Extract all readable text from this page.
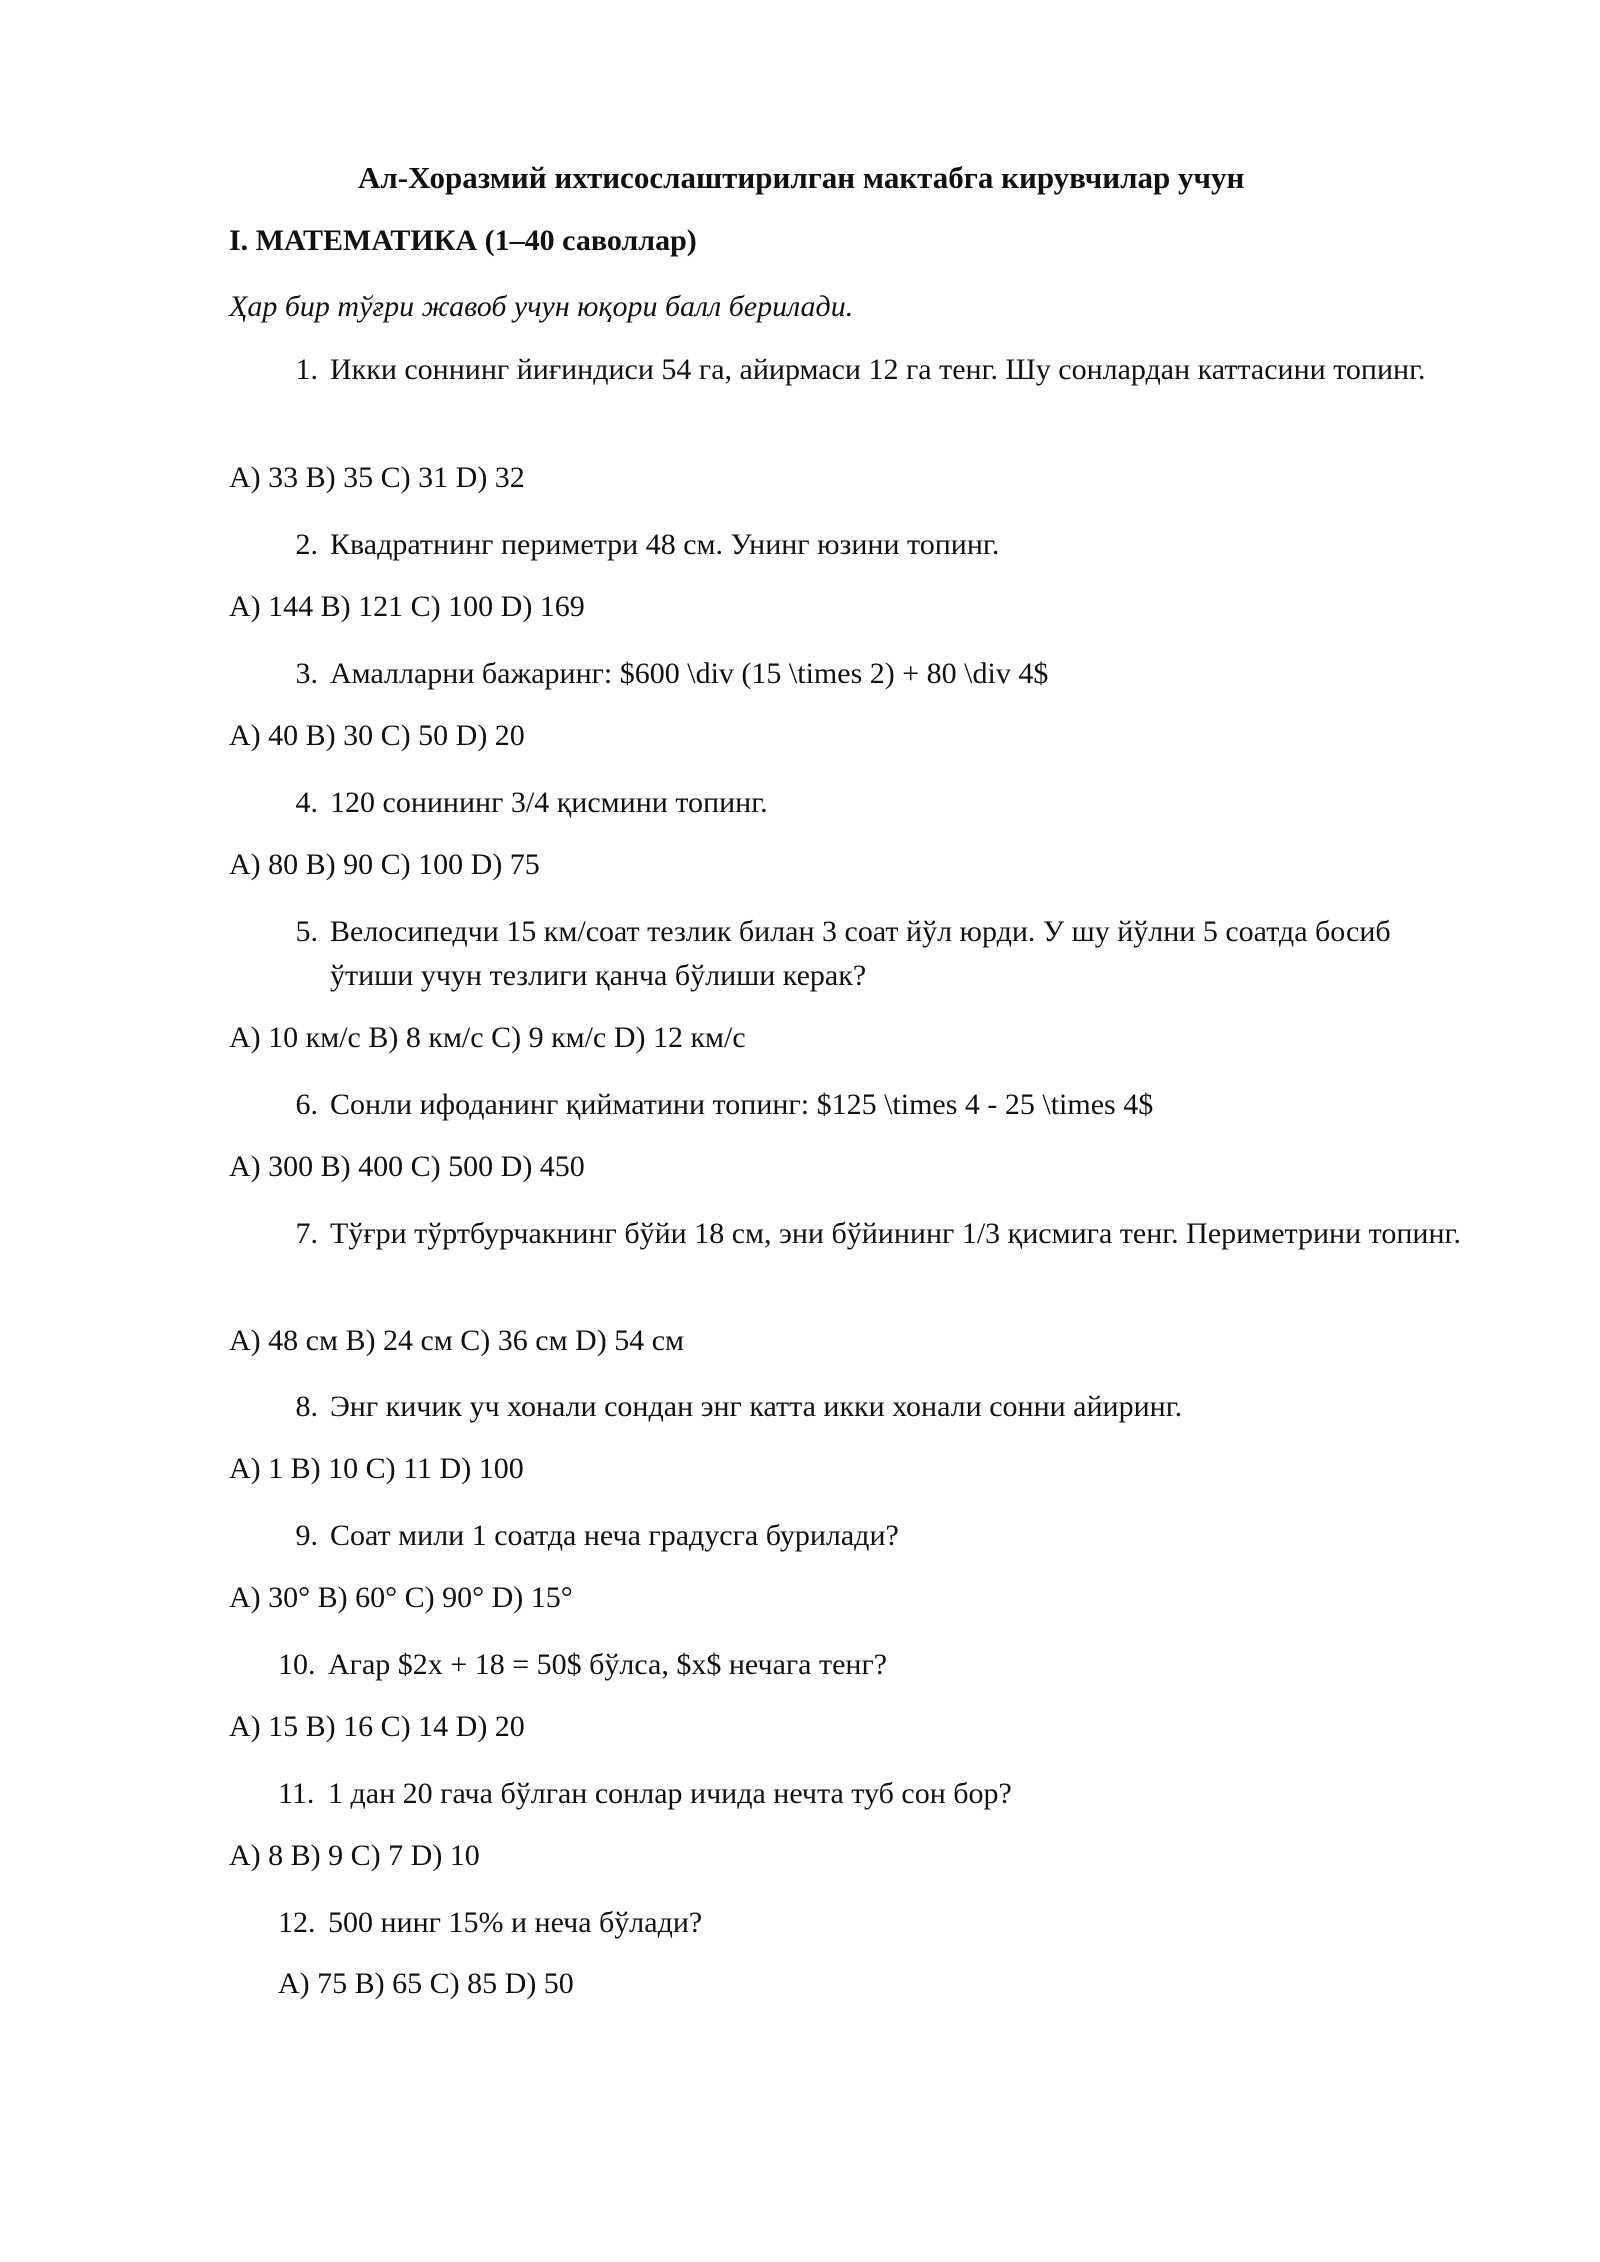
Ал-Хоразмий ихтисослаштирилган мактабга кирувчилар учун
I. МАТЕМАТИКА (1–40 саволлар)
Ҳар бир тўғри жавоб учун юқори балл берилади.
1. Икки соннинг йиғиндиси 54 га, айирмаси 12 га тенг. Шу сонлардан каттасини топинг.
A) 33 B) 35 C) 31 D) 32
2. Квадратнинг периметри 48 см. Унинг юзини топинг.
A) 144 B) 121 C) 100 D) 169
3. Амалларни бажаринг: $600 \div (15 \times 2) + 80 \div 4$
A) 40 B) 30 C) 50 D) 20
4. 120 сонининг 3/4 қисмини топинг.
A) 80 B) 90 C) 100 D) 75
5. Велосипедчи 15 км/соат тезлик билан 3 соат йўл юрди. У шу йўлни 5 соатда босиб ўтиши учун тезлиги қанча бўлиши керак?
A) 10 км/с B) 8 км/с C) 9 км/с D) 12 км/с
6. Сонли ифоданинг қийматини топинг: $125 \times 4 - 25 \times 4$
A) 300 B) 400 C) 500 D) 450
7. Тўғри тўртбурчакнинг бўйи 18 см, эни бўйининг 1/3 қисмига тенг. Периметрини топинг.
A) 48 см B) 24 см C) 36 см D) 54 см
8. Энг кичик уч хонали сондан энг катта икки хонали сонни айиринг.
A) 1 B) 10 C) 11 D) 100
9. Соат мили 1 соатда неча градусга бурилади?
A) 30° B) 60° C) 90° D) 15°
10. Агар $2x + 18 = 50$ бўлса, $x$ нечага тенг?
A) 15 B) 16 C) 14 D) 20
11. 1 дан 20 гача бўлган сонлар ичида нечта туб сон бор?
A) 8 B) 9 C) 7 D) 10
12. 500 нинг 15% и неча бўлади?
A) 75 B) 65 C) 85 D) 50
